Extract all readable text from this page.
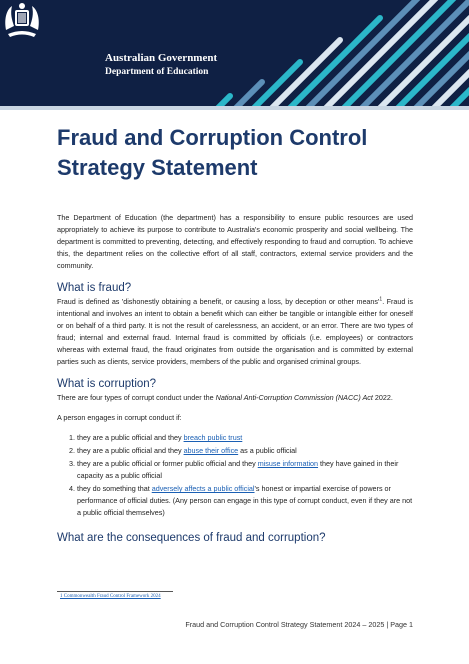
Australian Government
Department of Education
Fraud and Corruption Control
Strategy Statement

The Department of Education (the department) has a responsibility to ensure public resources are used appropriately to achieve its purpose to contribute to Australia's economic prosperity and social wellbeing. The department is committed to preventing, detecting, and effectively responding to fraud and corruption. To achieve this, the department relies on the collective effort of all staff, contractors, external service providers and the community.

What is fraud?

Fraud is defined as 'dishonestly obtaining a benefit, or causing a loss, by deception or other $means'^1$. Fraud is intentional and involves an intent to obtain a benefit which can either be tangible or intangible either for oneself or on behalf of a third party. It is not the result of carelessness, an accident, or an error. There are two types of fraud; internal and external fraud. Internal fraud is committed by officials (i.e. employees) or contractors whereas with external fraud, the fraud originates from outside the organisation and is committed by external parties such as clients, service providers, members of the public and organised criminal groups.

What is corruption?

There are four types of corrupt conduct under the National Anti-Corruption Commission (NACC) Act 2022.

A person engages in corrupt conduct if:

1. they are a public official and they breach public trust
2. they are a public official and they abuse their office as a public official
3. they are a public official or former public official and they misuse information they have gained in their capacity as a public official
4. they do something that adversely affects a public official's honest or impartial exercise of powers or performance of official duties. (Any person can engage in this type of corrupt conduct, even if they are not a public official themselves)
What are the consequences of fraud and corruption?
1 Commonwealth Fraud Control Framework 2024
Fraud and Corruption Control Strategy Statement 2024 – 2025 | Page 1
